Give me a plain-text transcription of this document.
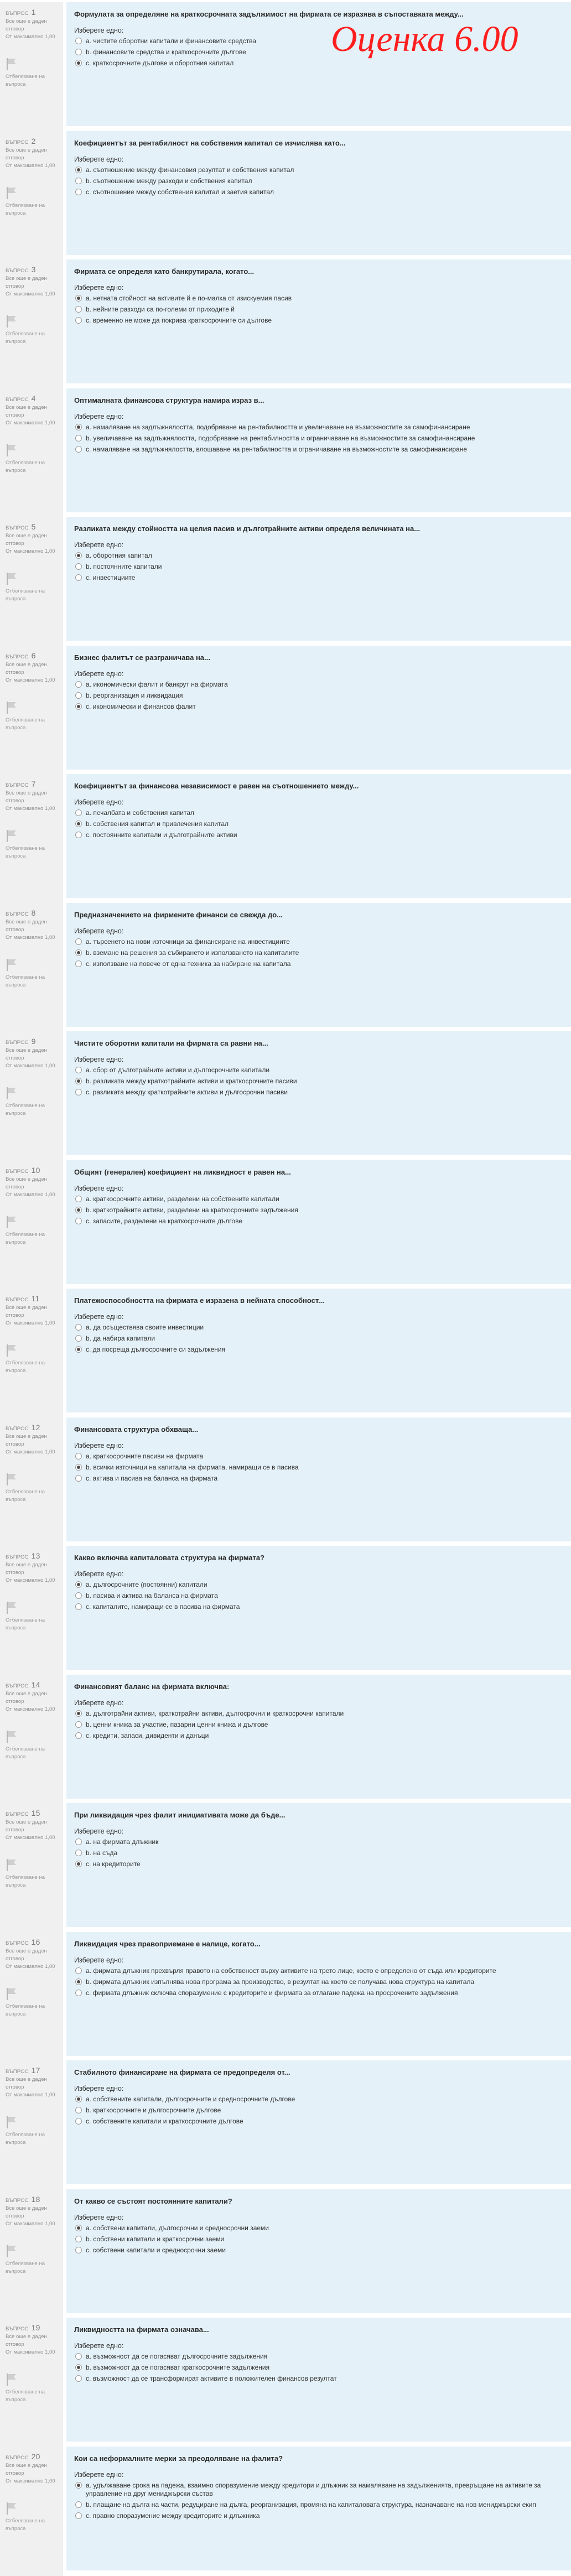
ВЪПРОС 1
Все още е даден отговор
От максимално 1,00
Отбелязване на въпроса
Формулата за определяне на краткосрочната задължимост на фирмата се изразява в съпоставката между...
Изберете едно:
a. чистите оборотни капитали и финансовите средства
b. финансовите средства и краткосрочните дългове
c. краткосрочните дългове и оборотния капитал
ВЪПРОС 2
Все още е даден отговор
От максимално 1,00
Отбелязване на въпроса
Коефициентът за рентабилност на собствения капитал се изчислява като...
Изберете едно:
a. съотношение между финансовия резултат и собствения капитал
b. съотношение между разходи и собствения капитал
c. съотношение между собствения капитал и заетия капитал
ВЪПРОС 3
Все още е даден отговор
От максимално 1,00
Отбелязване на въпроса
Фирмата се определя като банкрутирала, когато...
Изберете едно:
a. нетната стойност на активите й е по-малка от изискуемия пасив
b. нейните разходи са по-големи от приходите й
c. временно не може да покрива краткосрочните си дългове
ВЪПРОС 4
Все още е даден отговор
От максимално 1,00
Отбелязване на въпроса
Оптималната финансова структура намира израз в...
Изберете едно:
a. намаляване на задлъжнялостта, подобряване на рентабилността и увеличаване на възможностите за самофинансиране
b. увеличаване на задлъжнялостта, подобряване на рентабилността и ограничаване на възможностите за самофинансиране
c. намаляване на задлъжнялостта, влошаване на рентабилността и ограничаване на възможностите за самофинансиране
ВЪПРОС 5
Все още е даден отговор
От максимално 1,00
Отбелязване на въпроса
Разликата между стойността на целия пасив и дълготрайните активи определя величината на...
Изберете едно:
a. оборотния капитал
b. постоянните капитали
c. инвестициите
ВЪПРОС 6
Все още е даден отговор
От максимално 1,00
Отбелязване на въпроса
Бизнес фалитът се разграничава на...
Изберете едно:
a. икономически фалит и банкрут на фирмата
b. реорганизация и ликвидация
c. икономически и финансов фалит
ВЪПРОС 7
Все още е даден отговор
От максимално 1,00
Отбелязване на въпроса
Коефициентът за финансова независимост е равен на съотношението между...
Изберете едно:
a. печалбата и собствения капитал
b. собствения капитал и привлечения капитал
c. постоянните капитали и дълготрайните активи
ВЪПРОС 8
Все още е даден отговор
От максимално 1,00
Отбелязване на въпроса
Предназначението на фирмените финанси се свежда до...
Изберете едно:
a. търсенето на нови източници за финансиране на инвестициите
b. вземане на решения за събирането и използването на капиталите
c. използване на повече от една техника за набиране на капитала
ВЪПРОС 9
Все още е даден отговор
От максимално 1,00
Отбелязване на въпроса
Чистите оборотни капитали на фирмата са равни на...
Изберете едно:
a. сбор от дълготрайните активи и дългосрочните капитали
b. разликата между краткотрайните активи и краткосрочните пасиви
c. разликата между краткотрайните активи и дългосрочни пасиви
ВЪПРОС 10
Все още е даден отговор
От максимално 1,00
Отбелязване на въпроса
Общият (генерален) коефициент на ликвидност е равен на...
Изберете едно:
a. краткосрочните активи, разделени на собствените капитали
b. краткотрайните активи, разделени на краткосрочните задължения
c. запасите, разделени на краткосрочните дългове
ВЪПРОС 11
Все още е даден отговор
От максимално 1,00
Отбелязване на въпроса
Платежоспособността на фирмата е изразена в нейната способност...
Изберете едно:
a. да осъществява своите инвестиции
b. да набира капитали
c. да посреща дългосрочните си задължения
ВЪПРОС 12
Все още е даден отговор
От максимално 1,00
Отбелязване на въпроса
Финансовата структура обхваща...
Изберете едно:
a. краткосрочните пасиви на фирмата
b. всички източници на капитала на фирмата, намиращи се в пасива
c. актива и пасива на баланса на фирмата
ВЪПРОС 13
Все още е даден отговор
От максимално 1,00
Отбелязване на въпроса
Какво включва капиталовата структура на фирмата?
Изберете едно:
a. дългосрочните (постоянни) капитали
b. пасива и актива на баланса на фирмата
c. капиталите, намиращи се в пасива на фирмата
ВЪПРОС 14
Все още е даден отговор
От максимално 1,00
Отбелязване на въпроса
Финансовият баланс на фирмата включва:
Изберете едно:
a. дълготрайни активи, краткотрайни активи, дългосрочни и краткосрочни капитали
b. ценни книжа за участие, пазарни ценни книжа и дългове
c. кредити, запаси, дивиденти и данъци
ВЪПРОС 15
Все още е даден отговор
От максимално 1,00
Отбелязване на въпроса
При ликвидация чрез фалит инициативата може да бъде...
Изберете едно:
a. на фирмата длъжник
b. на съда
c. на кредиторите
ВЪПРОС 16
Все още е даден отговор
От максимално 1,00
Отбелязване на въпроса
Ликвидация чрез правоприемане е налице, когато...
Изберете едно:
a. фирмата длъжник прехвърля правото на собственост върху активите на трето лице, което е определено от съда или кредиторите
b. фирмата длъжник изпълнява нова програма за производство, в резултат на което се получава нова структура на капитала
c. фирмата длъжник сключва споразумение с кредиторите и фирмата за отлагане падежа на просрочените задължения
ВЪПРОС 17
Все още е даден отговор
От максимално 1,00
Отбелязване на въпроса
Стабилното финансиране на фирмата се предопределя от...
Изберете едно:
a. собствените капитали, дългосрочните и средносрочните дългове
b. краткосрочните и дългосрочните дългове
c. собствените капитали и краткосрочните дългове
ВЪПРОС 18
Все още е даден отговор
От максимално 1,00
Отбелязване на въпроса
От какво се състоят постоянните капитали?
Изберете едно:
a. собствени капитали, дългосрочни и средносрочни заеми
b. собствени капитали и краткосрочни заеми
c. собствени капитали и средносрочни заеми
ВЪПРОС 19
Все още е даден отговор
От максимално 1,00
Отбелязване на въпроса
Ликвидността на фирмата означава...
Изберете едно:
a. възможност да се погасяват дългосрочните задължения
b. възможност да се погасяват краткосрочните задължения
c. възможност да се трансформират активите в положителен финансов резултат
ВЪПРОС 20
Все още е даден отговор
От максимално 1,00
Отбелязване на въпроса
Кои са неформалните мерки за преодоляване на фалита?
Изберете едно:
a. удължаване срока на падежа, взаимно споразумение между кредитори и длъжник за намаляване на задълженията, превръщане на активите за управление на друг мениджърски състав
b. плащане на дълга на части, редуциране на дълга, реорганизация, промяна на капиталовата структура, назначаване на нов мениджърски екип
c. правно споразумение между кредиторите и длъжника
Оценка 6.00
